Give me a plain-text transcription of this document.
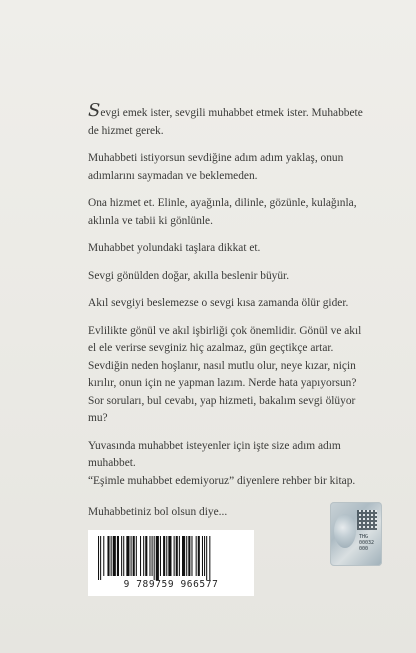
Sevgi emek ister, sevgili muhabbet etmek ister. Muhabbete
de hizmet gerek.

Muhabbeti istiyorsun sevdiğine adım adım yaklaş, onun
adımlarını saymadan ve beklemeden.

Ona hizmet et. Elinle, ayağınla, dilinle, gözünle, kulağınla,
aklınla ve tabii ki gönlünle.

Muhabbet yolundaki taşlara dikkat et.

Sevgi gönülden doğar, akılla beslenir büyür.

Akıl sevgiyi beslemezse o sevgi kısa zamanda ölür gider.

Evlilikte gönül ve akıl işbirliği çok önemlidir. Gönül ve akıl
el ele verirse sevginiz hiç azalmaz, gün geçtikçe artar.
Sevdiğin neden hoşlanır, nasıl mutlu olur, neye kızar, niçin
kırılır, onun için ne yapman lazım. Nerde hata yapıyorsun?
Sor soruları, bul cevabı, yap hizmeti, bakalım sevgi ölüyor
mu?

Yuvasında muhabbet isteyenler için işte size adım adım
muhabbet.
“Eşimle muhabbet edemiyoruz” diyenlere rehber bir kitap.

Muhabbetiniz bol olsun diye...

THG
00032
000
9 789759 966577
